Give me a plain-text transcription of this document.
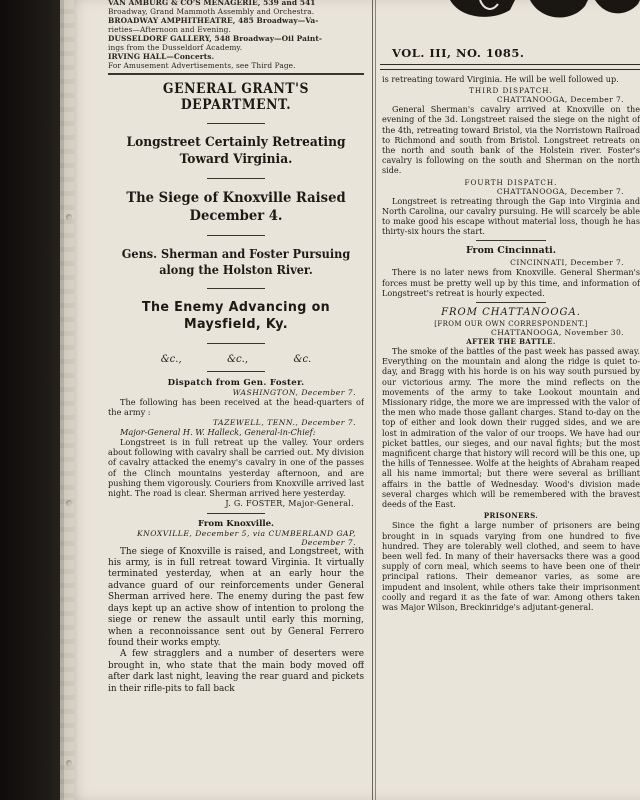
VAN AMBURG & CO'S MENAGERIE, 539 and 541
Broadway, Grand Mammoth Assembly and Orchestra.
BROADWAY AMPHITHEATRE, 485 Broadway—Va-
rieties—Afternoon and Evening.
DUSSELDORF GALLERY, 548 Broadway—Oil Paint-
ings from the Dusseldorf Academy.
IRVING HALL—Concerts.
For Amusement Advertisements, see Third Page.
GENERAL GRANT'S DEPARTMENT.
Longstreet Certainly Retreating Toward Virginia.
The Siege of Knoxville Raised December 4.
Gens. Sherman and Foster Pursuing along the Holston River.
The Enemy Advancing on Maysfield, Ky.
&c.,	&c.,	&c.
Dispatch from Gen. Foster.
WASHINGTON, December 7.
The following has been received at the head-quarters of the army :
TAZEWELL, TENN., December 7.
Major-General H. W. Halleck, General-in-Chief:
Longstreet is in full retreat up the valley. Your orders about following with cavalry shall be carried out. My division of cavalry attacked the enemy's cavalry in one of the passes of the Clinch mountains yesterday afternoon, and are pushing them vigorously. Couriers from Knoxville arrived last night. The road is clear. Sherman arrived here yesterday.
J. G. FOSTER, Major-General.
From Knoxville.
KNOXVILLE, December 5, via CUMBERLAND GAP, December 7.
The siege of Knoxville is raised, and Longstreet, with his army, is in full retreat toward Virginia. It virtually terminated yesterday, when at an early hour the advance guard of our reinforcements under General Sherman arrived here. The enemy during the past few days kept up an active show of intention to prolong the siege or renew the assault until early this morning, when a reconnoissance sent out by General Ferrero found their works empty.
A few stragglers and a number of deserters were brought in, who state that the main body moved off after dark last night, leaving the rear guard and pickets in their rifle-pits to fall back
VOL. III, NO. 1085.
is retreating toward Virginia. He will be well followed up.
THIRD DISPATCH.
CHATTANOOGA, December 7.
General Sherman's cavalry arrived at Knoxville on the evening of the 3d. Longstreet raised the siege on the night of the 4th, retreating toward Bristol, via the Norristown Railroad to Richmond and south from Bristol. Longstreet retreats on the north and south bank of the Holstein river. Foster's cavalry is following on the south and Sherman on the north side.
FOURTH DISPATCH.
CHATTANOOGA, December 7.
Longstreet is retreating through the Gap into Virginia and North Carolina, our cavalry pursuing. He will scarcely be able to make good his escape without material loss, though he has thirty-six hours the start.
From Cincinnati.
CINCINNATI, December 7.
There is no later news from Knoxville. General Sherman's forces must be pretty well up by this time, and information of Longstreet's retreat is hourly expected.
FROM CHATTANOOGA.
[FROM OUR OWN CORRESPONDENT.]
CHATTANOOGA, November 30.
AFTER THE BATTLE.
The smoke of the battles of the past week has passed away. Everything on the mountain and along the ridge is quiet to-day, and Bragg with his horde is on his way south pursued by our victorious army. The more the mind reflects on the movements of the army to take Lookout mountain and Missionary ridge, the more we are impressed with the valor of the men who made those gallant charges. Stand to-day on the top of either and look down their rugged sides, and we are lost in admiration of the valor of our troops. We have had our picket battles, our sieges, and our naval fights; but the most magnificent charge that history will record will be this one, up the hills of Tennessee. Wolfe at the heights of Abraham reaped all his name immortal; but there were several as brilliant affairs in the battle of Wednesday. Wood's division made several charges which will be remembered with the bravest deeds of the East.
PRISONERS.
Since the fight a large number of prisoners are being brought in in squads varying from one hundred to five hundred. They are tolerably well clothed, and seem to have been well fed. In many of their haversacks there was a good supply of corn meal, which seems to have been one of their principal rations. Their demeanor varies, as some are impudent and insolent, while others take their imprisonment coolly and regard it as the fate of war. Among others taken was Major Wilson, Breckinridge's adjutant-general.
